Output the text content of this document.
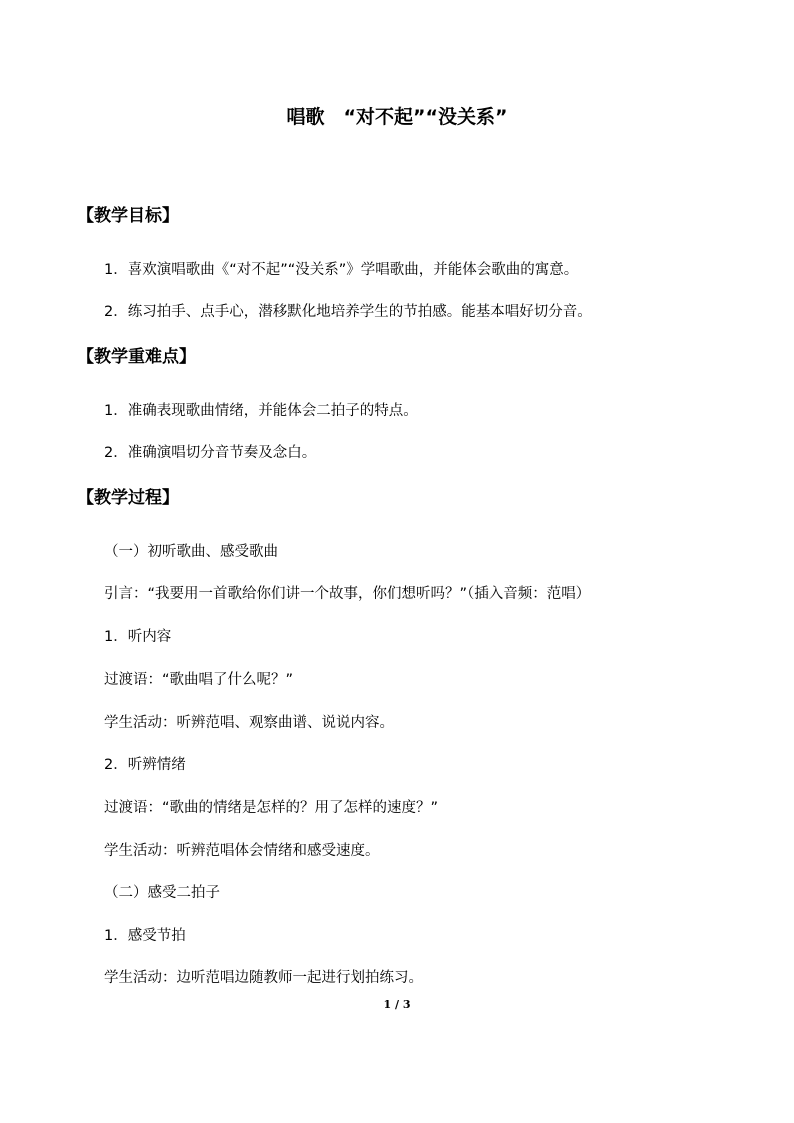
唱歌　“对不起”“没关系”
【教学目标】
1．喜欢演唱歌曲《“对不起”“没关系”》学唱歌曲，并能体会歌曲的寓意。
2．练习拍手、点手心，潜移默化地培养学生的节拍感。能基本唱好切分音。
【教学重难点】
1．准确表现歌曲情绪，并能体会二拍子的特点。
2．准确演唱切分音节奏及念白。
【教学过程】
（一）初听歌曲、感受歌曲
引言：“我要用一首歌给你们讲一个故事，你们想听吗？”（插入音频：范唱）
1．听内容
过渡语：“歌曲唱了什么呢？”
学生活动：听辨范唱、观察曲谱、说说内容。
2．听辨情绪
过渡语：“歌曲的情绪是怎样的？用了怎样的速度？”
学生活动：听辨范唱体会情绪和感受速度。
（二）感受二拍子
1．感受节拍
学生活动：边听范唱边随教师一起进行划拍练习。
1 / 3
